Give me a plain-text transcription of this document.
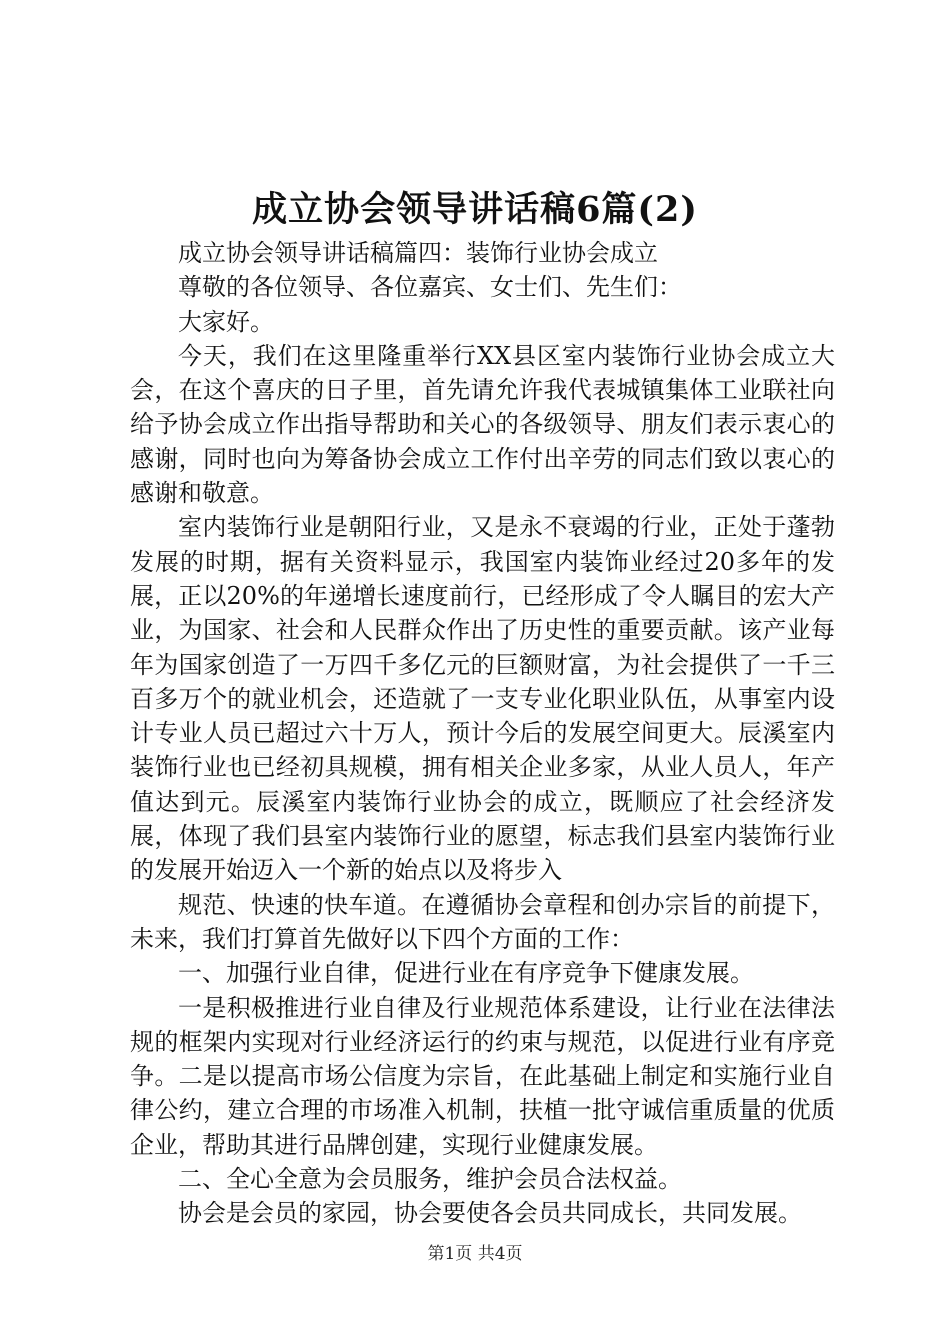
成立协会领导讲话稿6篇(2)

成立协会领导讲话稿篇四：装饰行业协会成立

尊敬的各位领导、各位嘉宾、女士们、先生们：

大家好。

今天，我们在这里隆重举行XX县区室内装饰行业协会成立大会，在这个喜庆的日子里，首先请允许我代表城镇集体工业联社向给予协会成立作出指导帮助和关心的各级领导、朋友们表示衷心的感谢，同时也向为筹备协会成立工作付出辛劳的同志们致以衷心的感谢和敬意。

室内装饰行业是朝阳行业，又是永不衰竭的行业，正处于蓬勃发展的时期，据有关资料显示，我国室内装饰业经过20多年的发展，正以20%的年递增长速度前行，已经形成了令人瞩目的宏大产业，为国家、社会和人民群众作出了历史性的重要贡献。该产业每年为国家创造了一万四千多亿元的巨额财富，为社会提供了一千三百多万个的就业机会，还造就了一支专业化职业队伍，从事室内设计专业人员已超过六十万人，预计今后的发展空间更大。辰溪室内装饰行业也已经初具规模，拥有相关企业多家，从业人员人，年产值达到元。辰溪室内装饰行业协会的成立，既顺应了社会经济发展，体现了我们县室内装饰行业的愿望，标志我们县室内装饰行业的发展开始迈入一个新的始点以及将步入

规范、快速的快车道。在遵循协会章程和创办宗旨的前提下，未来，我们打算首先做好以下四个方面的工作：

一、加强行业自律，促进行业在有序竞争下健康发展。

一是积极推进行业自律及行业规范体系建设，让行业在法律法规的框架内实现对行业经济运行的约束与规范，以促进行业有序竞争。二是以提高市场公信度为宗旨，在此基础上制定和实施行业自律公约，建立合理的市场准入机制，扶植一批守诚信重质量的优质企业，帮助其进行品牌创建，实现行业健康发展。

二、全心全意为会员服务，维护会员合法权益。

协会是会员的家园，协会要使各会员共同成长，共同发展。

第1页 共4页
